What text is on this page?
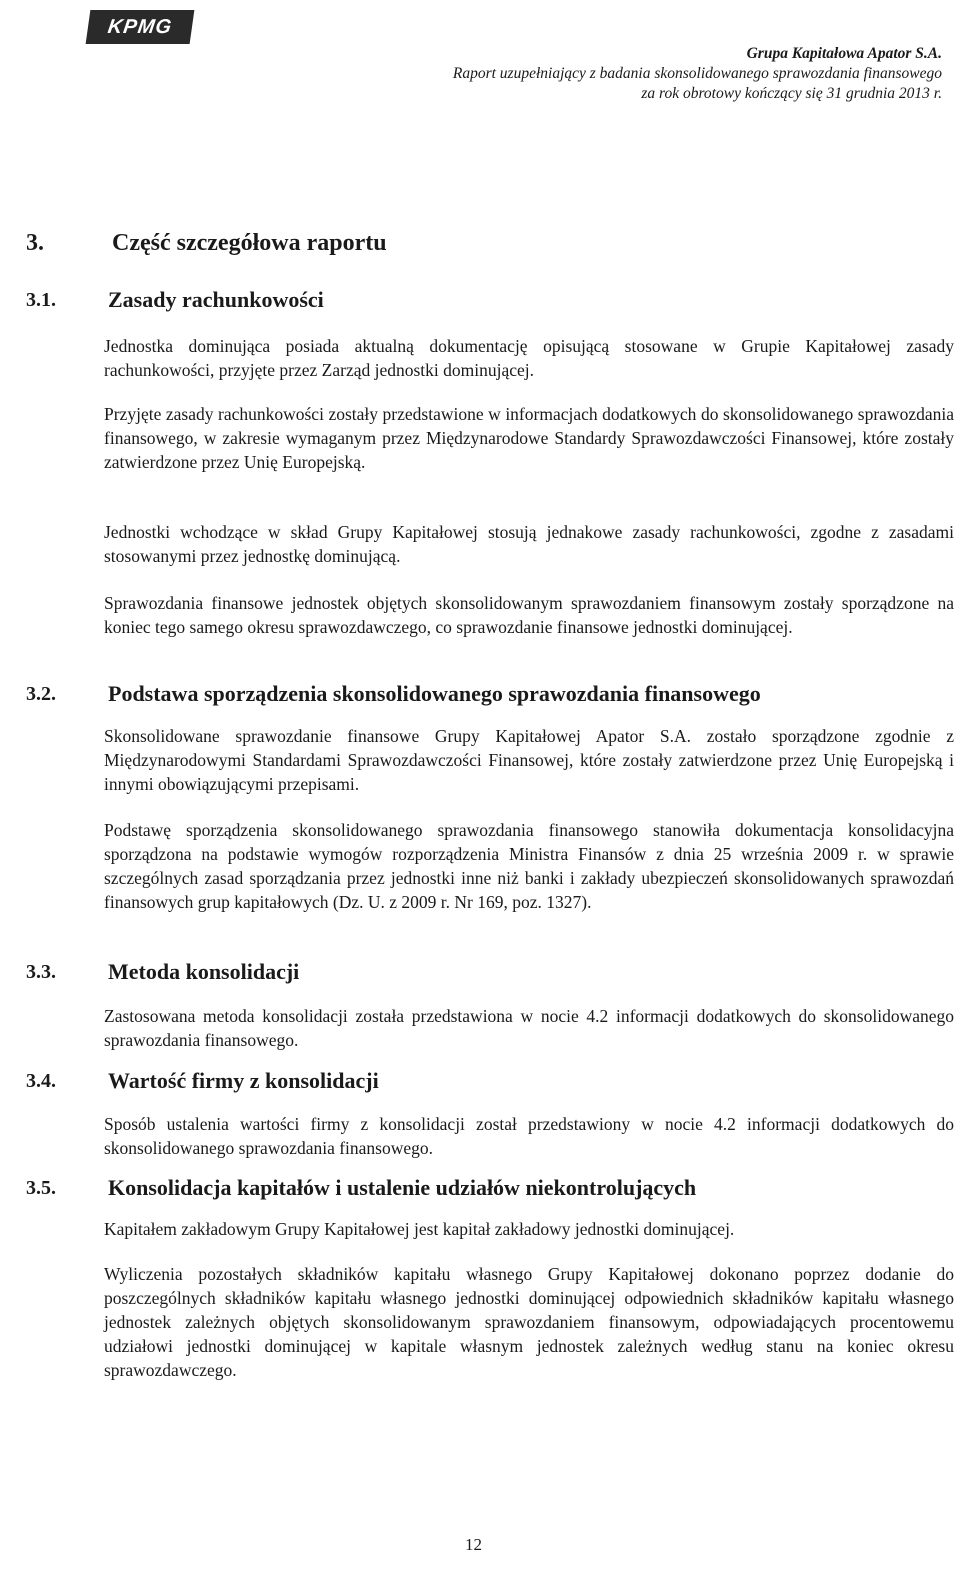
KPMG
Grupa Kapitałowa Apator S.A.
Raport uzupełniający z badania skonsolidowanego sprawozdania finansowego
za rok obrotowy kończący się 31 grudnia 2013 r.
3.	Część szczegółowa raportu
3.1. Zasady rachunkowości
Jednostka dominująca posiada aktualną dokumentację opisującą stosowane w Grupie Kapitałowej zasady rachunkowości, przyjęte przez Zarząd jednostki dominującej.
Przyjęte zasady rachunkowości zostały przedstawione w informacjach dodatkowych do skonsolidowanego sprawozdania finansowego, w zakresie wymaganym przez Międzynarodowe Standardy Sprawozdawczości Finansowej, które zostały zatwierdzone przez Unię Europejską.
Jednostki wchodzące w skład Grupy Kapitałowej stosują jednakowe zasady rachunkowości, zgodne z zasadami stosowanymi przez jednostkę dominującą.
Sprawozdania finansowe jednostek objętych skonsolidowanym sprawozdaniem finansowym zostały sporządzone na koniec tego samego okresu sprawozdawczego, co sprawozdanie finansowe jednostki dominującej.
3.2. Podstawa sporządzenia skonsolidowanego sprawozdania finansowego
Skonsolidowane sprawozdanie finansowe Grupy Kapitałowej Apator S.A. zostało sporządzone zgodnie z Międzynarodowymi Standardami Sprawozdawczości Finansowej, które zostały zatwierdzone przez Unię Europejską i innymi obowiązującymi przepisami.
Podstawę sporządzenia skonsolidowanego sprawozdania finansowego stanowiła dokumentacja konsolidacyjna sporządzona na podstawie wymogów rozporządzenia Ministra Finansów z dnia 25 września 2009 r. w sprawie szczególnych zasad sporządzania przez jednostki inne niż banki i zakłady ubezpieczeń skonsolidowanych sprawozdań finansowych grup kapitałowych (Dz. U. z 2009 r. Nr 169, poz. 1327).
3.3. Metoda konsolidacji
Zastosowana metoda konsolidacji została przedstawiona w nocie 4.2 informacji dodatkowych do skonsolidowanego sprawozdania finansowego.
3.4. Wartość firmy z konsolidacji
Sposób ustalenia wartości firmy z konsolidacji został przedstawiony w nocie 4.2 informacji dodatkowych do skonsolidowanego sprawozdania finansowego.
3.5. Konsolidacja kapitałów i ustalenie udziałów niekontrolujących
Kapitałem zakładowym Grupy Kapitałowej jest kapitał zakładowy jednostki dominującej.
Wyliczenia pozostałych składników kapitału własnego Grupy Kapitałowej dokonano poprzez dodanie do poszczególnych składników kapitału własnego jednostki dominującej odpowiednich składników kapitału własnego jednostek zależnych objętych skonsolidowanym sprawozdaniem finansowym, odpowiadających procentowemu udziałowi jednostki dominującej w kapitale własnym jednostek zależnych według stanu na koniec okresu sprawozdawczego.
12
